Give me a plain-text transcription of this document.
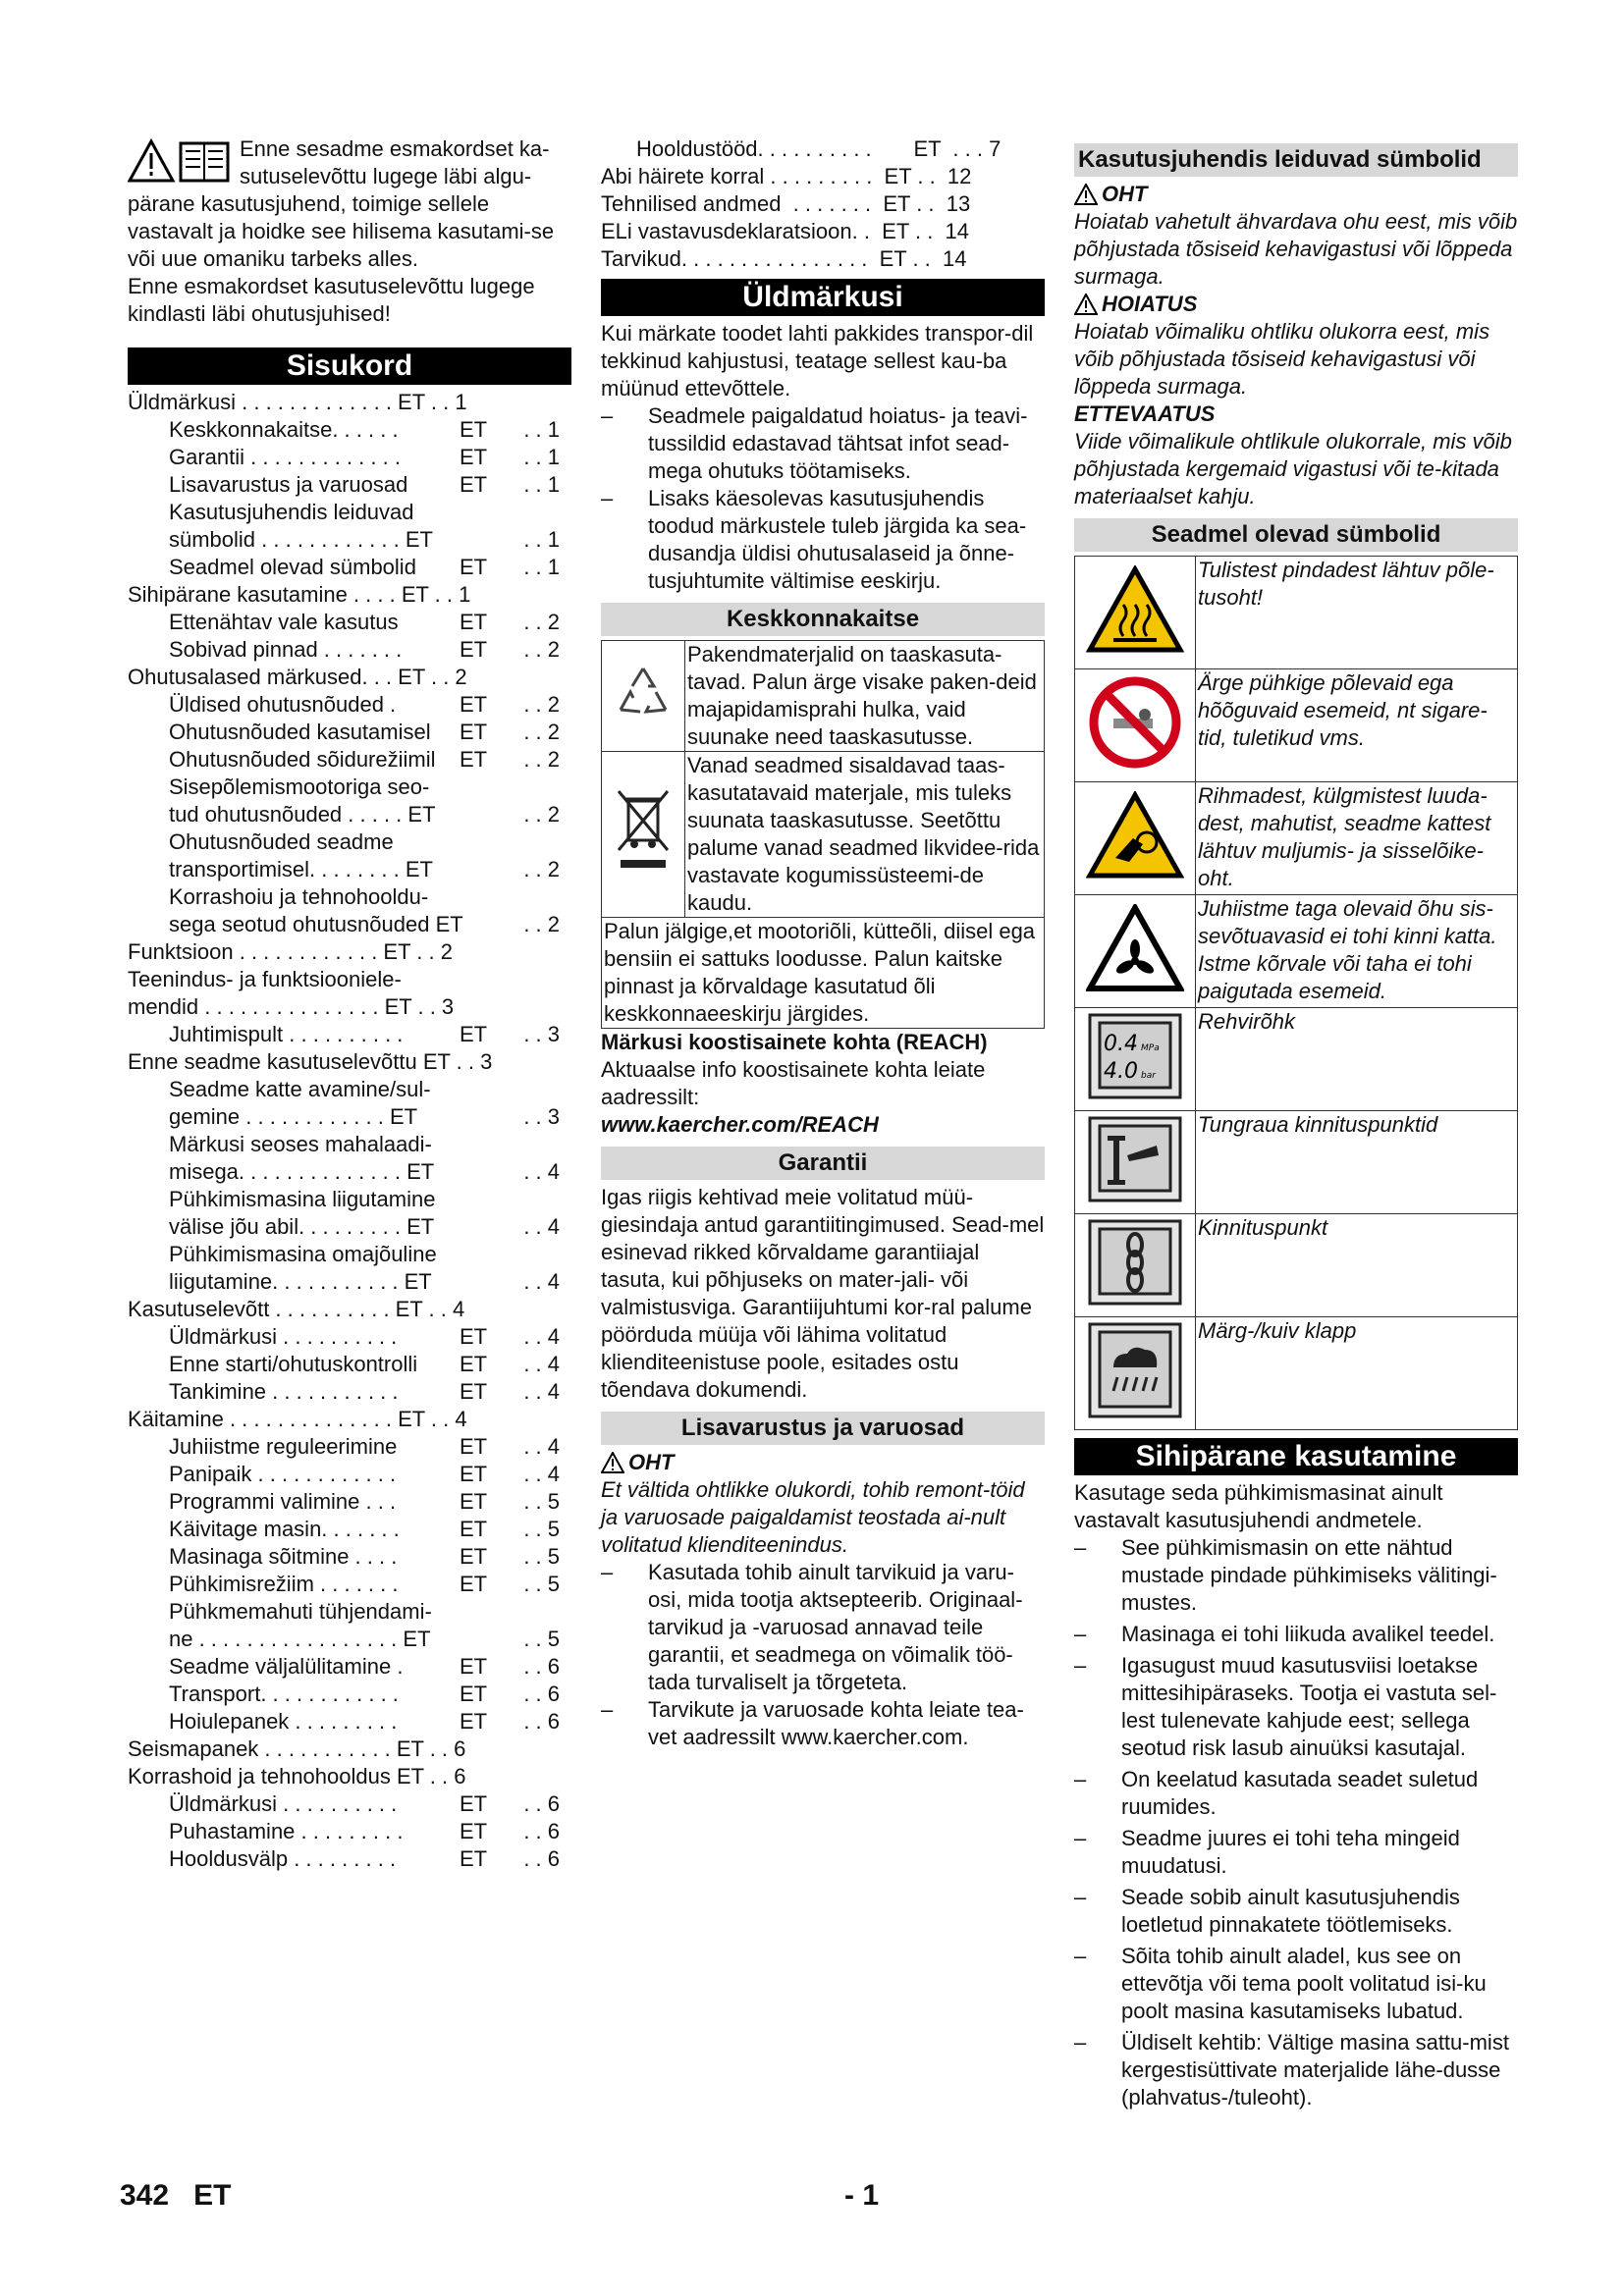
Enne sesadme esmakordset ka-

sutuselevõttu lugege läbi algu-

pärane kasutusjuhend, toimige sellele vastavalt ja hoidke see hilisema kasutami-se või uue omaniku tarbeks alles.

Enne esmakordset kasutuselevõttu lugege kindlasti läbi ohutusjuhised!

Sisukord
Üldmärkusi . . . . . . . . . . . . . ET . . 1
Keskkonnakaitse. . . . . .	ET . . 1
Garantii . . . . . . . . . . . . .	ET . . 1
Lisavarustus ja varuosad ET . . 1
Kasutusjuhendis leiduvad
sümbolid . . . . . . . . . . . . ET	. . 1
Seadmel olevad sümbolid ET . . 1
Sihipärane kasutamine . . . . ET . . 1
Ettenähtav vale kasutus	ET . . 2
Sobivad pinnad . . . . . . .	ET . . 2
Ohutusalased märkused. . . ET . . 2
Üldised ohutusnõuded .	ET . . 2
Ohutusnõuded kasutamisel ET . . 2
Ohutusnõuded sõidurežiimil ET . . 2
Sisepõlemismootoriga seo-
tud ohutusnõuded . . . . . ET	. . 2
Ohutusnõuded seadme
transportimisel. . . . . . . . ET	. . 2
Korrashoiu ja tehnohooldu-
sega seotud ohutusnõuded ET	. . 2
Funktsioon . . . . . . . . . . . . ET . . 2
Teenindus- ja funktsioonielе-
mendid . . . . . . . . . . . . . . . ET . . 3
Juhtimispult . . . . . . . . . .	ET . . 3
Enne seadme kasutuselevõttu ET . . 3
Seadme katte avamine/sul-
gemine . . . . . . . . . . . . ET	. . 3
Märkusi seoses mahalaadi-
misega. . . . . . . . . . . . . . ET	. . 4
Pühkimismasina liigutamine
välise jõu abil. . . . . . . . . ET	. . 4
Pühkimismasina omajõuline
liigutamine. . . . . . . . . . . ET	. . 4
Kasutuselevõtt . . . . . . . . . . ET . . 4
Üldmärkusi . . . . . . . . . .	ET . . 4
Enne starti/ohutuskontrolli ET . . 4
Tankimine . . . . . . . . . . .	ET . . 4
Käitamine . . . . . . . . . . . . . . ET . . 4
Juhiistme reguleerimine	ET . . 4
Panipaik . . . . . . . . . . . .	ET . . 4
Programmi valimine . . .	ET . . 5
Käivitage masin. . . . . . .	ET . . 5
Masinaga sõitmine . . . .	ET . . 5
Pühkimisrežiim . . . . . . .	ET . . 5
Pühkmemahuti tühjendami-
ne . . . . . . . . . . . . . . . . . ET	. . 5
Seadme väljalülitamine .	ET . . 6
Transport. . . . . . . . . . . .	ET . . 6
Hoiulepanek . . . . . . . . .	ET . . 6
Seismapanek . . . . . . . . . . . ET . . 6
Korrashoid ja tehnohooldus ET . . 6
Üldmärkusi . . . . . . . . . .	ET . . 6
Puhastamine . . . . . . . . .	ET . . 6
Hooldusvälp . . . . . . . . .	ET . . 6
Hooldustööd. . . . . . . . . .       ET  . . . 7
Abi häirete korral . . . . . . . . .  ET . .  12
Tehnilised andmed  . . . . . . .  ET . .  13
ELi vastavusdeklaratsioon. .  ET . .  14
Tarvikud. . . . . . . . . . . . . . . .  ET . .  14
Üldmärkusi

Kui märkate toodet lahti pakkides transpor-dil tekkinud kahjustusi, teatage sellest kau-ba müünud ettevõttele.

– Seadmele paigaldatud hoiatus- ja teavi-tussildid edastavad tähtsat infot sead-mega ohutuks töötamiseks.
– Lisaks käesolevas kasutusjuhendis toodud märkustele tuleb järgida ka sea-dusandja üldisi ohutusalaseid ja õnne-tusjuhtumite vältimise eeskirju.
Keskkonnakaitse
	Pakendmaterjalid on taaskasuta-tavad. Palun ärge visake paken-deid majapidamisprahi hulka, vaid suunake need taaskasutusse.
	Vanad seadmed sisaldavad taas-kasutatavaid materjale, mis tuleks suunata taaskasutusse. Seetõttu palume vanad seadmed likvidee-rida vastavate kogumissüsteemi-de kaudu.
Palun jälgige,et mootoriõli, kütteõli, diisel ega bensiin ei sattuks loodusse. Palun kaitske pinnast ja kõrvaldage kasutatud õli keskkonnaeeskirju järgides.	

Märkusi koostisainete kohta (REACH)

Aktuaalse info koostisainete kohta leiate aadressilt:

www.kaercher.com/REACH

Garantii

Igas riigis kehtivad meie volitatud müü-giesindaja antud garantiitingimused. Sead-mel esinevad rikked kõrvaldame garantiiajal tasuta, kui põhjuseks on mater-jali- või valmistusviga. Garantiijuhtumi kor-ral palume pöörduda müüja või lähima volitatud klienditeenistuse poole, esitades ostu tõendava dokumendi.

Lisavarustus ja varuosad
OHT

Et vältida ohtlikke olukordi, tohib remont-töid ja varuosade paigaldamist teostada ai-nult volitatud klienditeenindus.

– Kasutada tohib ainult tarvikuid ja varu-osi, mida tootja aktsepteerib. Originaal-tarvikud ja -varuosad annavad teile garantii, et seadmega on võimalik töö-tada turvaliselt ja tõrgeteta.
– Tarvikute ja varuosade kohta leiate tea-vet aadressilt www.kaercher.com.
Kasutusjuhendis leiduvad sümbolid
OHT

Hoiatab vahetult ähvardava ohu eest, mis võib põhjustada tõsiseid kehavigastusi või lõppeda surmaga.

HOIATUS

Hoiatab võimaliku ohtliku olukorra eest, mis võib põhjustada tõsiseid kehavigastusi või lõppeda surmaga.

ETTEVAATUS

Viide võimalikule ohtlikule olukorrale, mis võib põhjustada kergemaid vigastusi või te-kitada materiaalset kahju.

Seadmel olevad sümbolid
	Tulistest pindadest lähtuv põle-tusoht!
	Ärge pühkige põlevaid ega hõõguvaid esemeid, nt sigare-tid, tuletikud vms.
	Rihmadest, külgmistest luuda-dest, mahutist, seadme kattest lähtuv muljumis- ja sisselõike-oht.
	Juhiistme taga olevaid õhu sis-sevõtuavasid ei tohi kinni katta. Istme kõrvale või taha ei tohi paigutada esemeid.

0.4 MPa
4.0 bar	Rehvirõhk
	Tungraua kinnituspunktid
	Kinnituspunkt
	Märg-/kuiv klapp
Sihipärane kasutamine

Kasutage seda pühkimismasinat ainult vastavalt kasutusjuhendi andmetele.

– See pühkimismasin on ette nähtud mustade pindade pühkimiseks välitingi-mustes.
– Masinaga ei tohi liikuda avalikel teedel.
– Igasugust muud kasutusviisi loetakse mittesihipäraseks. Tootja ei vastuta sel-lest tulenevate kahjude eest; sellega seotud risk lasub ainuüksi kasutajal.
– On keelatud kasutada seadet suletud ruumides.
– Seadme juures ei tohi teha mingeid muudatusi.
– Seade sobib ainult kasutusjuhendis loetletud pinnakatete töötlemiseks.
– Sõita tohib ainult aladel, kus see on ettevõtja või tema poolt volitatud isi-ku poolt masina kasutamiseks lubatud.
– Üldiselt kehtib: Vältige masina sattu-mist kergestisüttivate materjalide lähe-dusse (plahvatus-/tuleoht).
342 ET	- 1
